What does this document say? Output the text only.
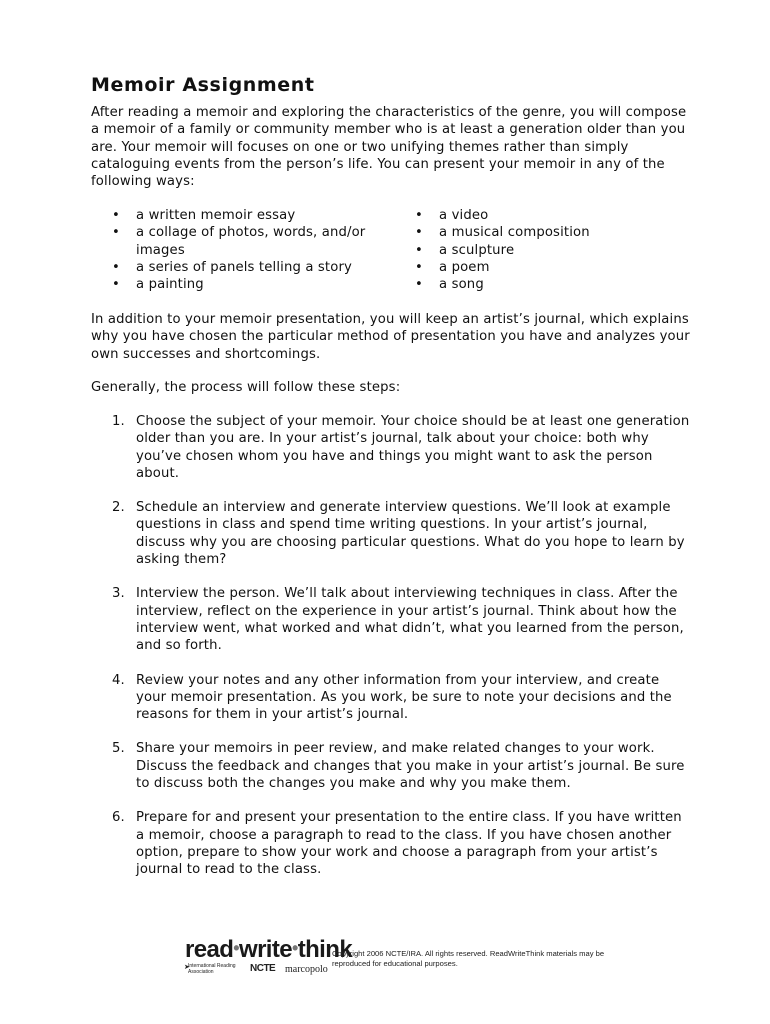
Memoir Assignment

After reading a memoir and exploring the characteristics of the genre, you will compose a memoir of a family or community member who is at least a generation older than you are. Your memoir will focuses on one or two unifying themes rather than simply cataloguing events from the person’s life. You can present your memoir in any of the following ways:

• a written memoir essay
• a collage of photos, words, and/or images
• a series of panels telling a story
• a painting
• a video
• a musical composition
• a sculpture
• a poem
• a song

In addition to your memoir presentation, you will keep an artist’s journal, which explains why you have chosen the particular method of presentation you have and analyzes your own successes and shortcomings.

Generally, the process will follow these steps:

1. Choose the subject of your memoir. Your choice should be at least one generation older than you are. In your artist’s journal, talk about your choice: both why you’ve chosen whom you have and things you might want to ask the person about.
2. Schedule an interview and generate interview questions. We’ll look at example questions in class and spend time writing questions. In your artist’s journal, discuss why you are choosing particular questions. What do you hope to learn by asking them?
3. Interview the person. We’ll talk about interviewing techniques in class. After the interview, reflect on the experience in your artist’s journal. Think about how the interview went, what worked and what didn’t, what you learned from the person, and so forth.
4. Review your notes and any other information from your interview, and create your memoir presentation. As you work, be sure to note your decisions and the reasons for them in your artist’s journal.
5. Share your memoirs in peer review, and make related changes to your work. Discuss the feedback and changes that you make in your artist’s journal. Be sure to discuss both the changes you make and why you make them.
6. Prepare for and present your presentation to the entire class. If you have written a memoir, choose a paragraph to read to the class. If you have chosen another option, prepare to show your work and choose a paragraph from your artist’s journal to read to the class.
read•write•think
➤
International Reading Association	NCTE marcopolo
Copyright 2006 NCTE/IRA. All rights reserved. ReadWriteThink materials may be reproduced for educational purposes.
